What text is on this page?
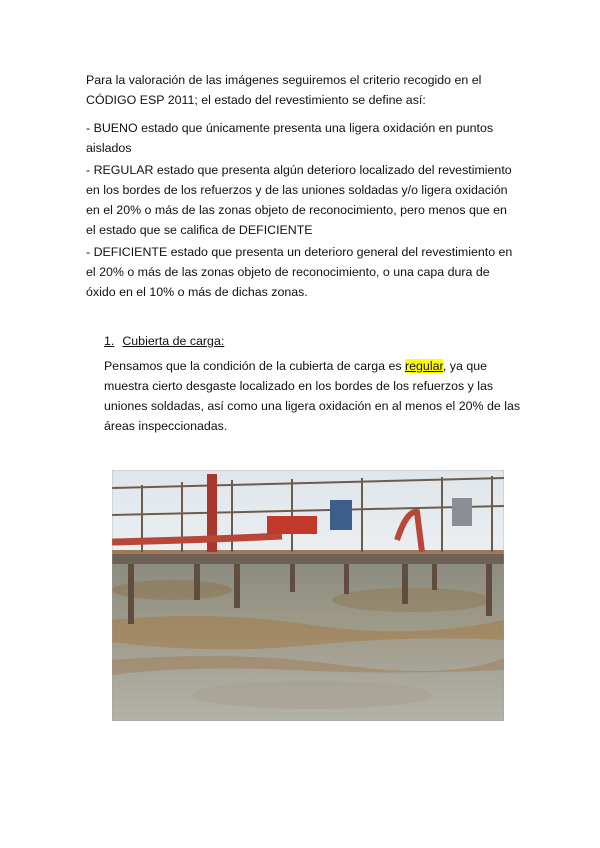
Para la valoración de las imágenes seguiremos el criterio recogido en el CÓDIGO ESP 2011; el estado del revestimiento se define así:

- BUENO estado que únicamente presenta una ligera oxidación en puntos aislados

- REGULAR estado que presenta algún deterioro localizado del revestimiento en los bordes de los refuerzos y de las uniones soldadas y/o ligera oxidación en el 20% o más de las zonas objeto de reconocimiento, pero menos que en el estado que se califica de DEFICIENTE

- DEFICIENTE estado que presenta un deterioro general del revestimiento en el 20% o más de las zonas objeto de reconocimiento, o una capa dura de óxido en el 10% o más de dichas zonas.

1. Cubierta de carga:

Pensamos que la condición de la cubierta de carga es regular, ya que muestra cierto desgaste localizado en los bordes de los refuerzos y las uniones soldadas, así como una ligera oxidación en al menos el 20% de las áreas inspeccionadas.
